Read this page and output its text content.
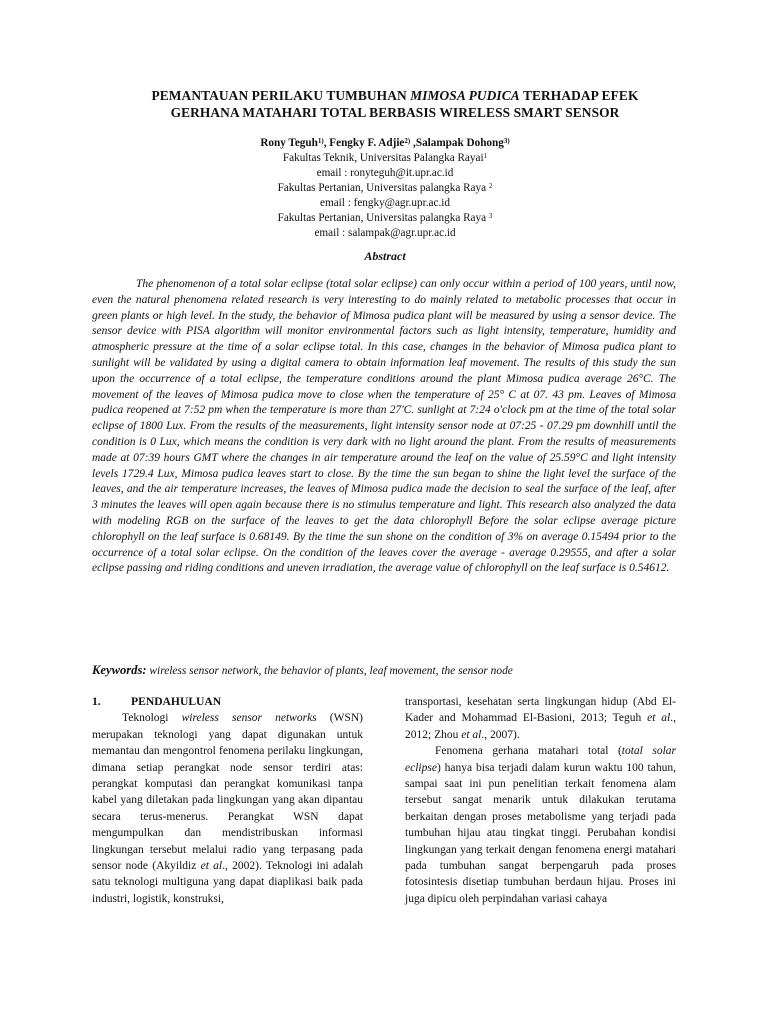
PEMANTAUAN PERILAKU TUMBUHAN MIMOSA PUDICA TERHADAP EFEK
GERHANA MATAHARI TOTAL BERBASIS WIRELESS SMART SENSOR
Rony Teguh$^{1)}$, Fengky F. Adjie$^{2)}$ ,Salampak Dohong$^{3)}$
Fakultas Teknik, Universitas Palangka Rayai$^1$
email : ronyteguh@it.upr.ac.id
Fakultas Pertanian, Universitas palangka Raya $^2$
email : fengky@agr.upr.ac.id
Fakultas Pertanian, Universitas palangka Raya $^3$
email : salampak@agr.upr.ac.id
Abstract

The phenomenon of a total solar eclipse (total solar eclipse) can only occur within a period of 100 years, until now, even the natural phenomena related research is very interesting to do mainly related to metabolic processes that occur in green plants or high level. In the study, the behavior of Mimosa pudica plant will be measured by using a sensor device. The sensor device with PISA algorithm will monitor environmental factors such as light intensity, temperature, humidity and atmospheric pressure at the time of a solar eclipse total. In this case, changes in the behavior of Mimosa pudica plant to sunlight will be validated by using a digital camera to obtain information leaf movement. The results of this study the sun upon the occurrence of a total eclipse, the temperature conditions around the plant Mimosa pudica average 26°C. The movement of the leaves of Mimosa pudica move to close when the temperature of 25° C at 07. 43 pm. Leaves of Mimosa pudica reopened at 7:52 pm when the temperature is more than 27'C. sunlight at 7:24 o'clock pm at the time of the total solar eclipse of 1800 Lux. From the results of the measurements, light intensity sensor node at 07:25 - 07.29 pm downhill until the condition is 0 Lux, which means the condition is very dark with no light around the plant. From the results of measurements made at 07:39 hours GMT where the changes in air temperature around the leaf on the value of 25.59°C and light intensity levels 1729.4 Lux, Mimosa pudica leaves start to close. By the time the sun began to shine the light level the surface of the leaves, and the air temperature increases, the leaves of Mimosa pudica made the decision to seal the surface of the leaf, after 3 minutes the leaves will open again because there is no stimulus temperature and light. This research also analyzed the data with modeling RGB on the surface of the leaves to get the data chlorophyll Before the solar eclipse average picture chlorophyll on the leaf surface is 0.68149. By the time the sun shone on the condition of 3% on average 0.15494 prior to the occurrence of a total solar eclipse. On the condition of the leaves cover the average - average 0.29555, and after a solar eclipse passing and riding conditions and uneven irradiation, the average value of chlorophyll on the leaf surface is 0.54612.

Keywords: wireless sensor network, the behavior of plants, leaf movement, the sensor node
1.	PENDAHULUAN

Teknologi wireless sensor networks (WSN) merupakan teknologi yang dapat digunakan untuk memantau dan mengontrol fenomena perilaku lingkungan, dimana setiap perangkat node sensor terdiri atas: perangkat komputasi dan perangkat komunikasi tanpa kabel yang diletakan pada lingkungan yang akan dipantau secara terus-menerus. Perangkat WSN dapat mengumpulkan dan mendistribuskan informasi lingkungan tersebut melalui radio yang terpasang pada sensor node (Akyildiz et al., 2002). Teknologi ini adalah satu teknologi multiguna yang dapat diaplikasi baik pada industri, logistik, konstruksi,

transportasi, kesehatan serta lingkungan hidup (Abd El-Kader and Mohammad El-Basioni, 2013; Teguh et al., 2012; Zhou et al., 2007).

Fenomena gerhana matahari total (total solar eclipse) hanya bisa terjadi dalam kurun waktu 100 tahun, sampai saat ini pun penelitian terkait fenomena alam tersebut sangat menarik untuk dilakukan terutama berkaitan dengan proses metabolisme yang terjadi pada tumbuhan hijau atau tingkat tinggi. Perubahan kondisi lingkungan yang terkait dengan fenomena energi matahari pada tumbuhan sangat berpengaruh pada proses fotosintesis disetiap tumbuhan berdaun hijau. Proses ini juga dipicu oleh perpindahan variasi cahaya
